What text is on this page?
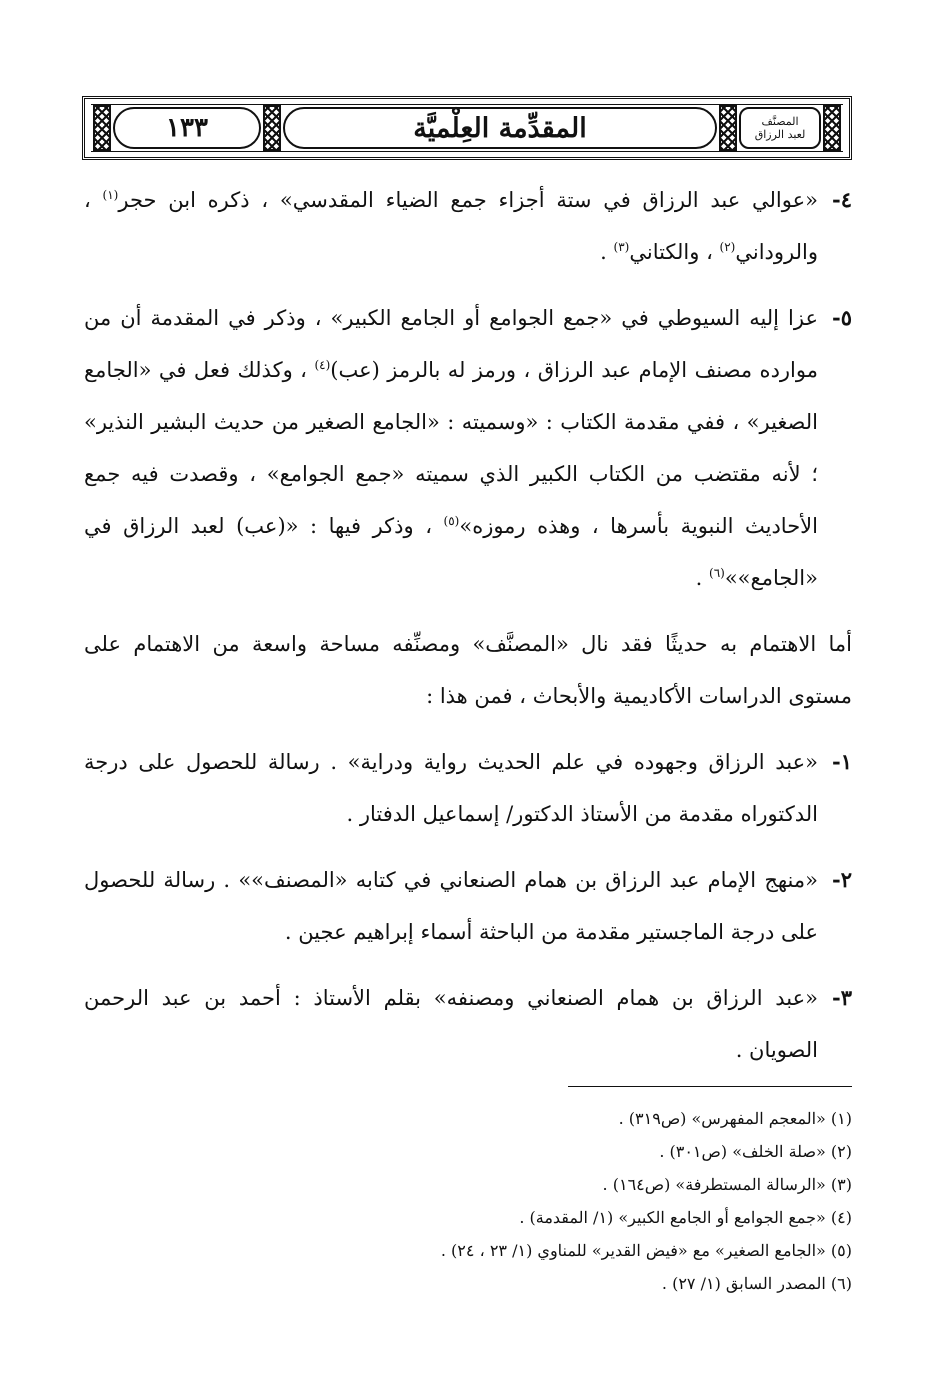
١٣٣	المقدِّمة العِلْميَّة	المصنَّف
لعبد الرزاق

٤-
«عوالي عبد الرزاق في ستة أجزاء جمع الضياء المقدسي» ، ذكره ابن حجر$^{(١)}$ ، والروداني$^{(٢)}$ ، والكتاني$^{(٣)}$ .

٥-
عزا إليه السيوطي في «جمع الجوامع أو الجامع الكبير» ، وذكر في المقدمة أن من موارده مصنف الإمام عبد الرزاق ، ورمز له بالرمز (عب)$^{(٤)}$ ، وكذلك فعل في «الجامع الصغير» ، ففي مقدمة الكتاب : «وسميته : «الجامع الصغير من حديث البشير النذير» ؛ لأنه مقتضب من الكتاب الكبير الذي سميته «جمع الجوامع» ، وقصدت فيه جمع الأحاديث النبوية بأسرها ، وهذه رموزه»$^{(٥)}$ ، وذكر فيها : «(عب) لعبد الرزاق في «الجامع»»$^{(٦)}$ .

أما الاهتمام به حديثًا فقد نال «المصنَّف» ومصنِّفه مساحة واسعة من الاهتمام على مستوى الدراسات الأكاديمية والأبحاث ، فمن هذا :

١-
«عبد الرزاق وجهوده في علم الحديث رواية ودراية» . رسالة للحصول على درجة الدكتوراه مقدمة من الأستاذ الدكتور/ إسماعيل الدفتار .

٢-
«منهج الإمام عبد الرزاق بن همام الصنعاني في كتابه «المصنف»» . رسالة للحصول على درجة الماجستير مقدمة من الباحثة أسماء إبراهيم عجين .

٣-
«عبد الرزاق بن همام الصنعاني ومصنفه» بقلم الأستاذ : أحمد بن عبد الرحمن الصويان .

(١) «المعجم المفهرس» (ص٣١٩) .
(٢) «صلة الخلف» (ص٣٠١) .
(٣) «الرسالة المستطرفة» (ص١٦٤) .
(٤) «جمع الجوامع أو الجامع الكبير» (١/ المقدمة) .
(٥) «الجامع الصغير» مع «فيض القدير» للمناوي (١/ ٢٣ ، ٢٤) .
(٦) المصدر السابق (١/ ٢٧) .
